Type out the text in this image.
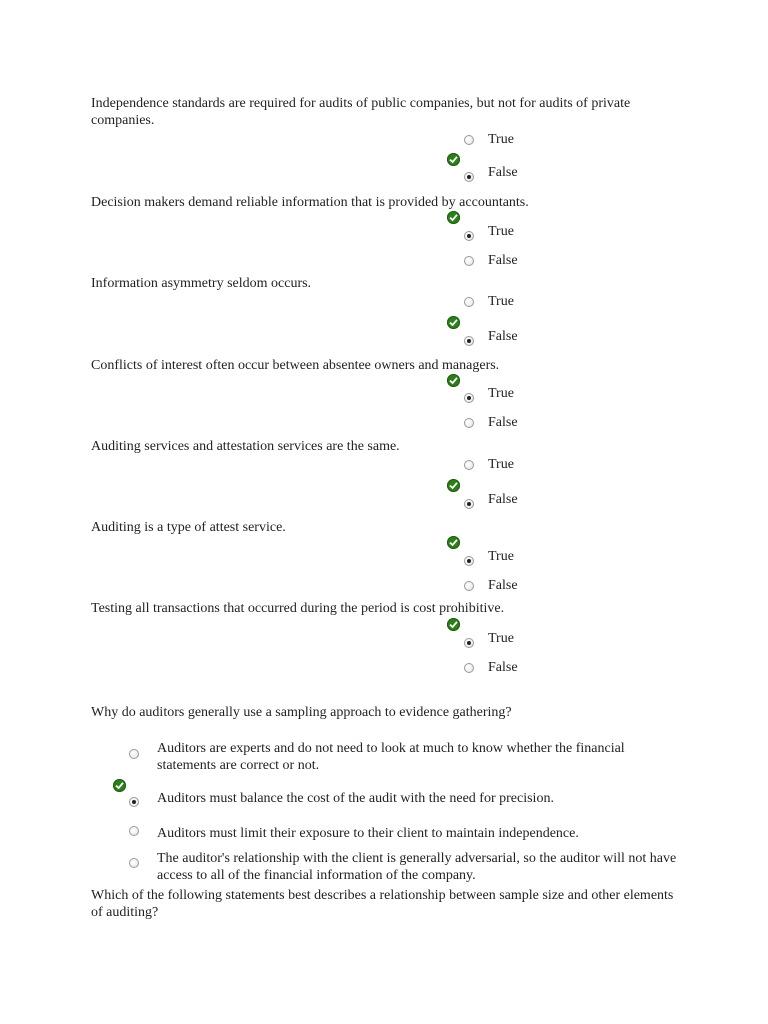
Independence standards are required for audits of public companies, but not for audits of private companies.

True
False

Decision makers demand reliable information that is provided by accountants.

True
False

Information asymmetry seldom occurs.

True
False

Conflicts of interest often occur between absentee owners and managers.

True
False

Auditing services and attestation services are the same.

True
False

Auditing is a type of attest service.

True
False

Testing all transactions that occurred during the period is cost prohibitive.

True
False

Why do auditors generally use a sampling approach to evidence gathering?

Auditors are experts and do not need to look at much to know whether the financial statements are correct or not.
Auditors must balance the cost of the audit with the need for precision.
Auditors must limit their exposure to their client to maintain independence.
The auditor's relationship with the client is generally adversarial, so the auditor will not have access to all of the financial information of the company.

Which of the following statements best describes a relationship between sample size and other elements of auditing?
